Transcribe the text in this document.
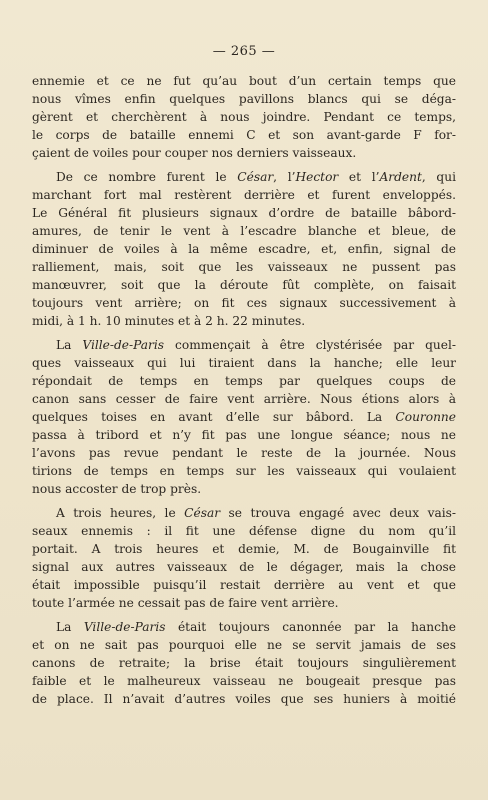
— 265 —
ennemie et ce ne fut qu’au bout d’un certain temps que
nous vîmes enfin quelques pavillons blancs qui se déga-
gèrent et cherchèrent à nous joindre. Pendant ce temps,
le corps de bataille ennemi C et son avant-garde F for-
çaient de voiles pour couper nos derniers vaisseaux.
De ce nombre furent le César, l’Hector et l’Ardent, qui
marchant fort mal restèrent derrière et furent enveloppés.
Le Général fit plusieurs signaux d’ordre de bataille bâbord-
amures, de tenir le vent à l’escadre blanche et bleue, de
diminuer de voiles à la même escadre, et, enfin, signal de
ralliement, mais, soit que les vaisseaux ne pussent pas
manœuvrer, soit que la déroute fût complète, on faisait
toujours vent arrière; on fit ces signaux successivement à
midi, à 1 h. 10 minutes et à 2 h. 22 minutes.
La Ville-de-Paris commençait à être clystérisée par quel-
ques vaisseaux qui lui tiraient dans la hanche; elle leur
répondait de temps en temps par quelques coups de
canon sans cesser de faire vent arrière. Nous étions alors à
quelques toises en avant d’elle sur bâbord. La Couronne
passa à tribord et n’y fit pas une longue séance; nous ne
l’avons pas revue pendant le reste de la journée. Nous
tirions de temps en temps sur les vaisseaux qui voulaient
nous accoster de trop près.
A trois heures, le César se trouva engagé avec deux vais-
seaux ennemis : il fit une défense digne du nom qu’il
portait. A trois heures et demie, M. de Bougainville fit
signal aux autres vaisseaux de le dégager, mais la chose
était impossible puisqu’il restait derrière au vent et que
toute l’armée ne cessait pas de faire vent arrière.
La Ville-de-Paris était toujours canonnée par la hanche
et on ne sait pas pourquoi elle ne se servit jamais de ses
canons de retraite; la brise était toujours singulièrement
faible et le malheureux vaisseau ne bougeait presque pas
de place. Il n’avait d’autres voiles que ses huniers à moitié
